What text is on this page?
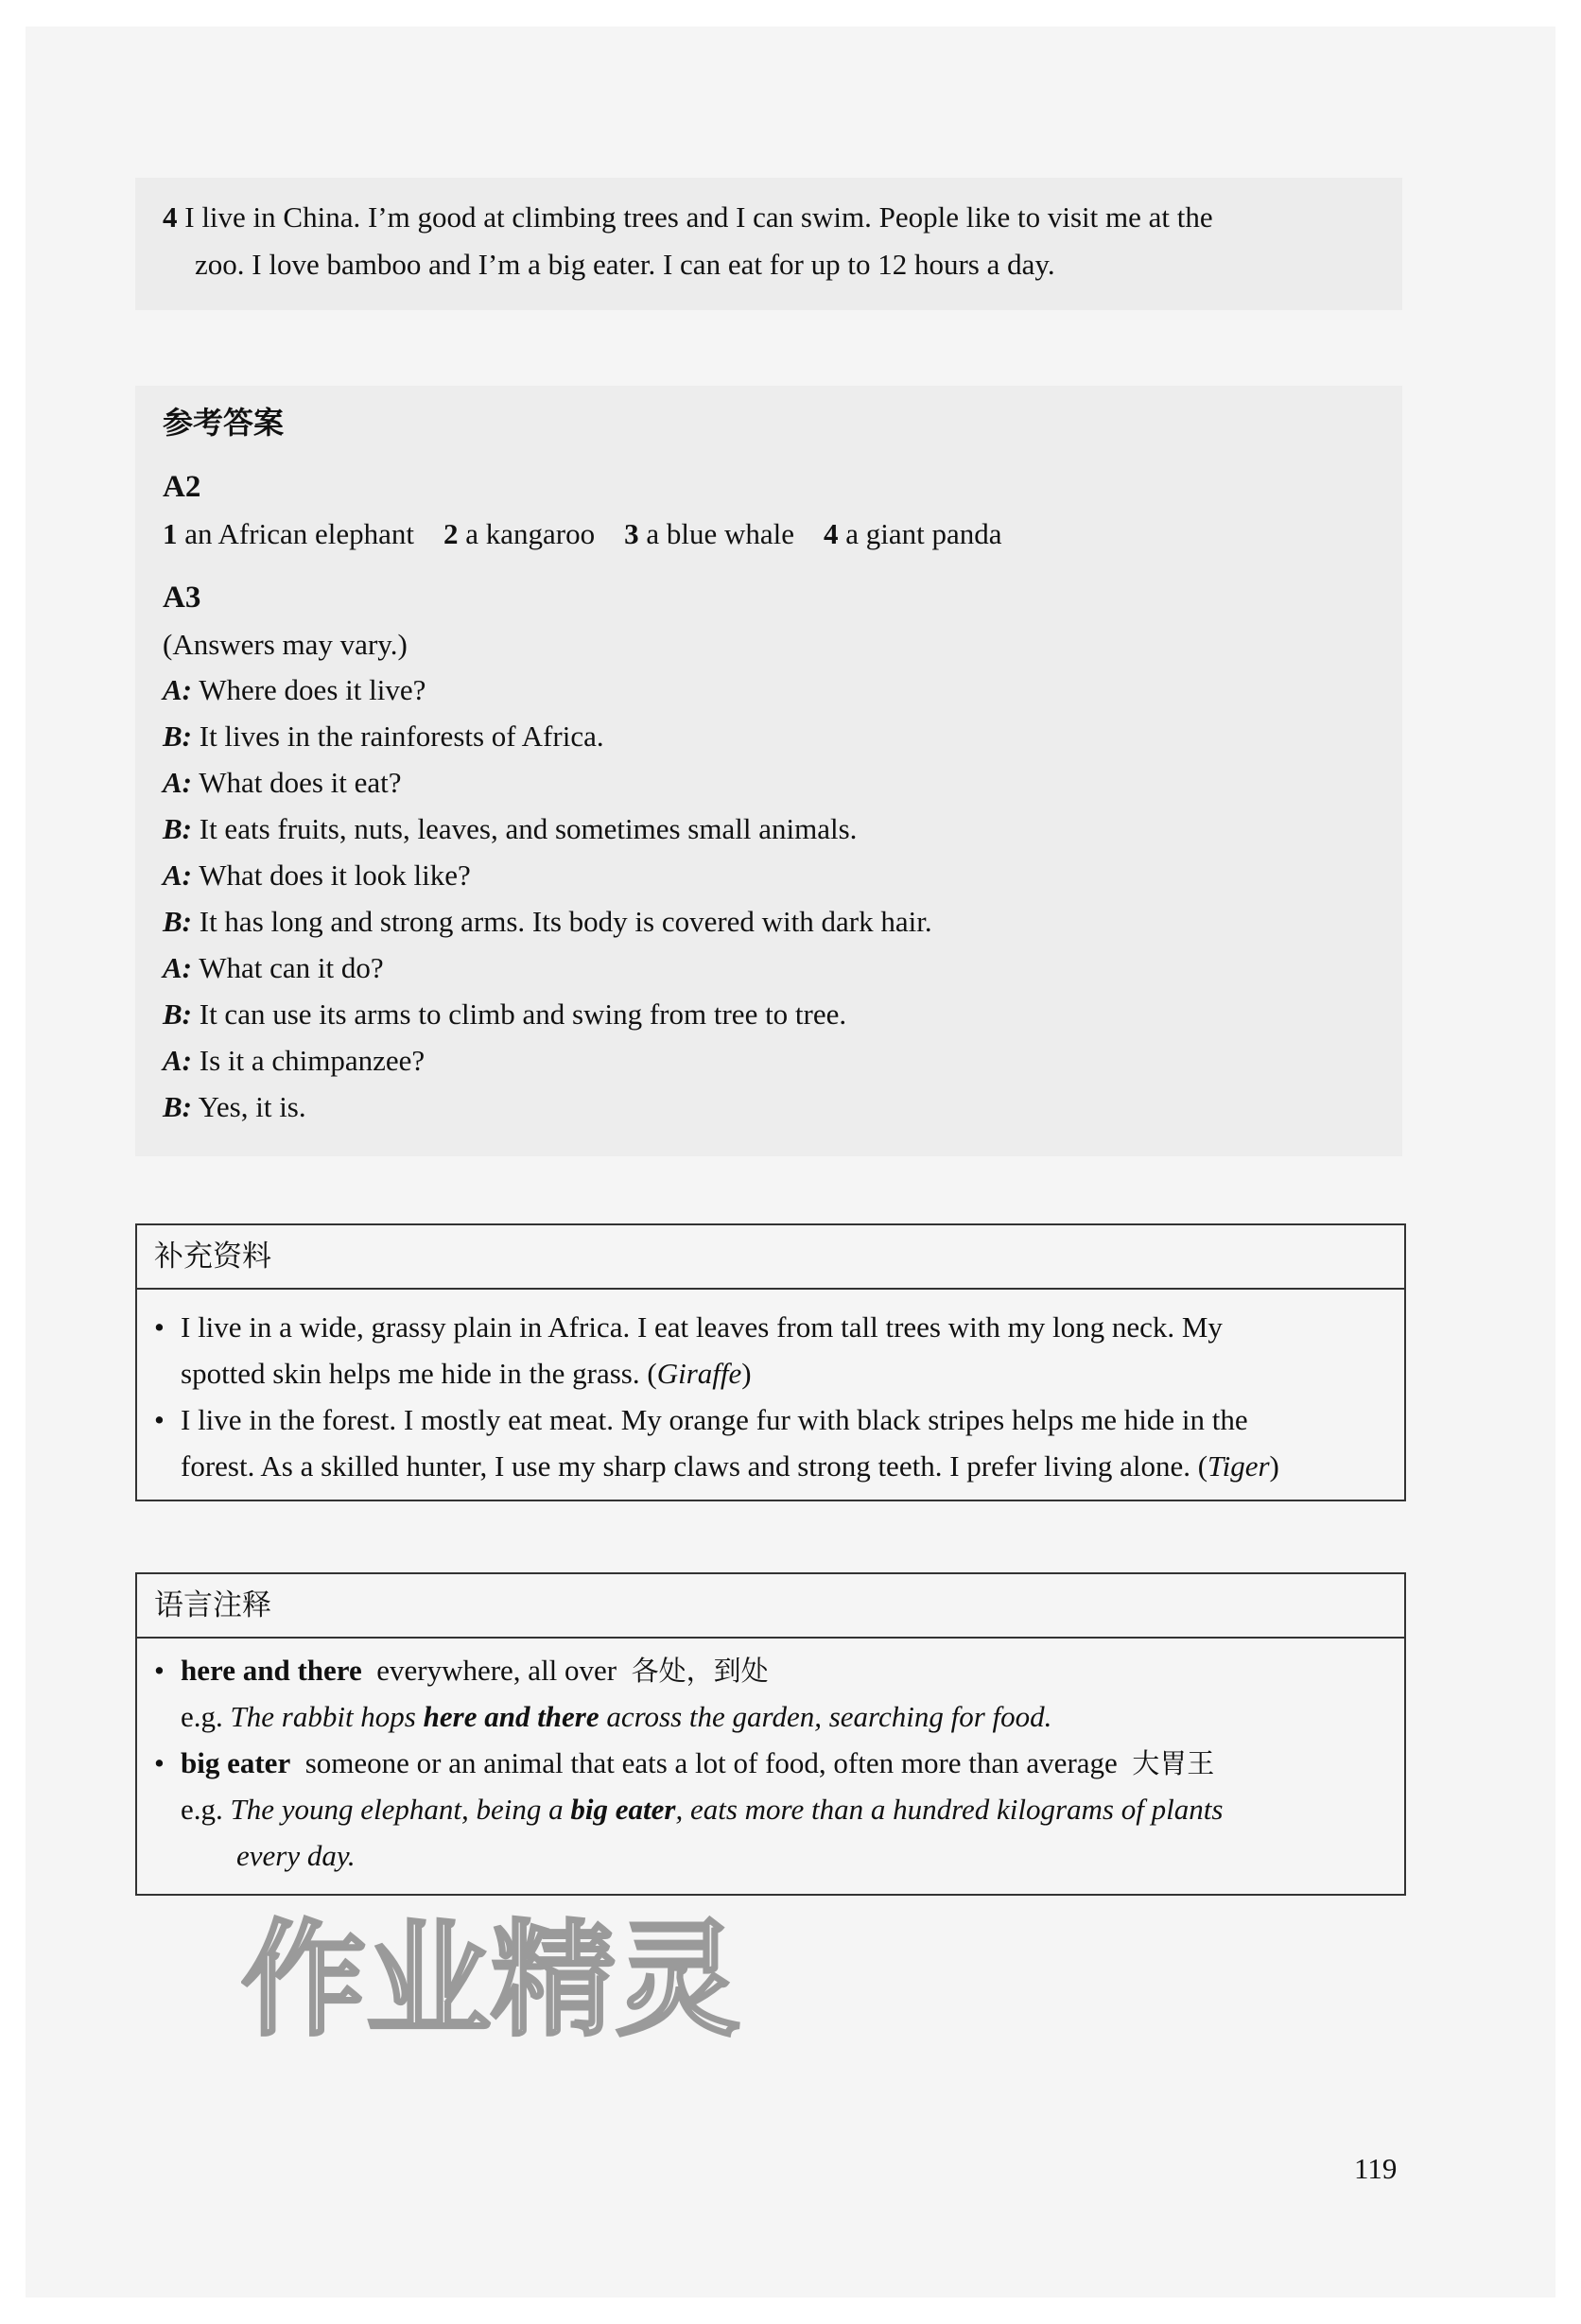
4 I live in China. I’m good at climbing trees and I can swim. People like to visit me at the
zoo. I love bamboo and I’m a big eater. I can eat for up to 12 hours a day.
参考答案
A2
1 an African elephant 2 a kangaroo 3 a blue whale 4 a giant panda
A3
(Answers may vary.)
A: Where does it live?
B: It lives in the rainforests of Africa.
A: What does it eat?
B: It eats fruits, nuts, leaves, and sometimes small animals.
A: What does it look like?
B: It has long and strong arms. Its body is covered with dark hair.
A: What can it do?
B: It can use its arms to climb and swing from tree to tree.
A: Is it a chimpanzee?
B: Yes, it is.
补充资料
• I live in a wide, grassy plain in Africa. I eat leaves from tall trees with my long neck. My
spotted skin helps me hide in the grass. (Giraffe)
• I live in the forest. I mostly eat meat. My orange fur with black stripes helps me hide in the
forest. As a skilled hunter, I use my sharp claws and strong teeth. I prefer living alone. (Tiger)
语言注释
• here and there everywhere, all over 各处，到处
e.g. The rabbit hops here and there across the garden, searching for food.
• big eater someone or an animal that eats a lot of food, often more than average 大胃王
e.g. The young elephant, being a big eater, eats more than a hundred kilograms of plants
every day.
作业精灵
119
